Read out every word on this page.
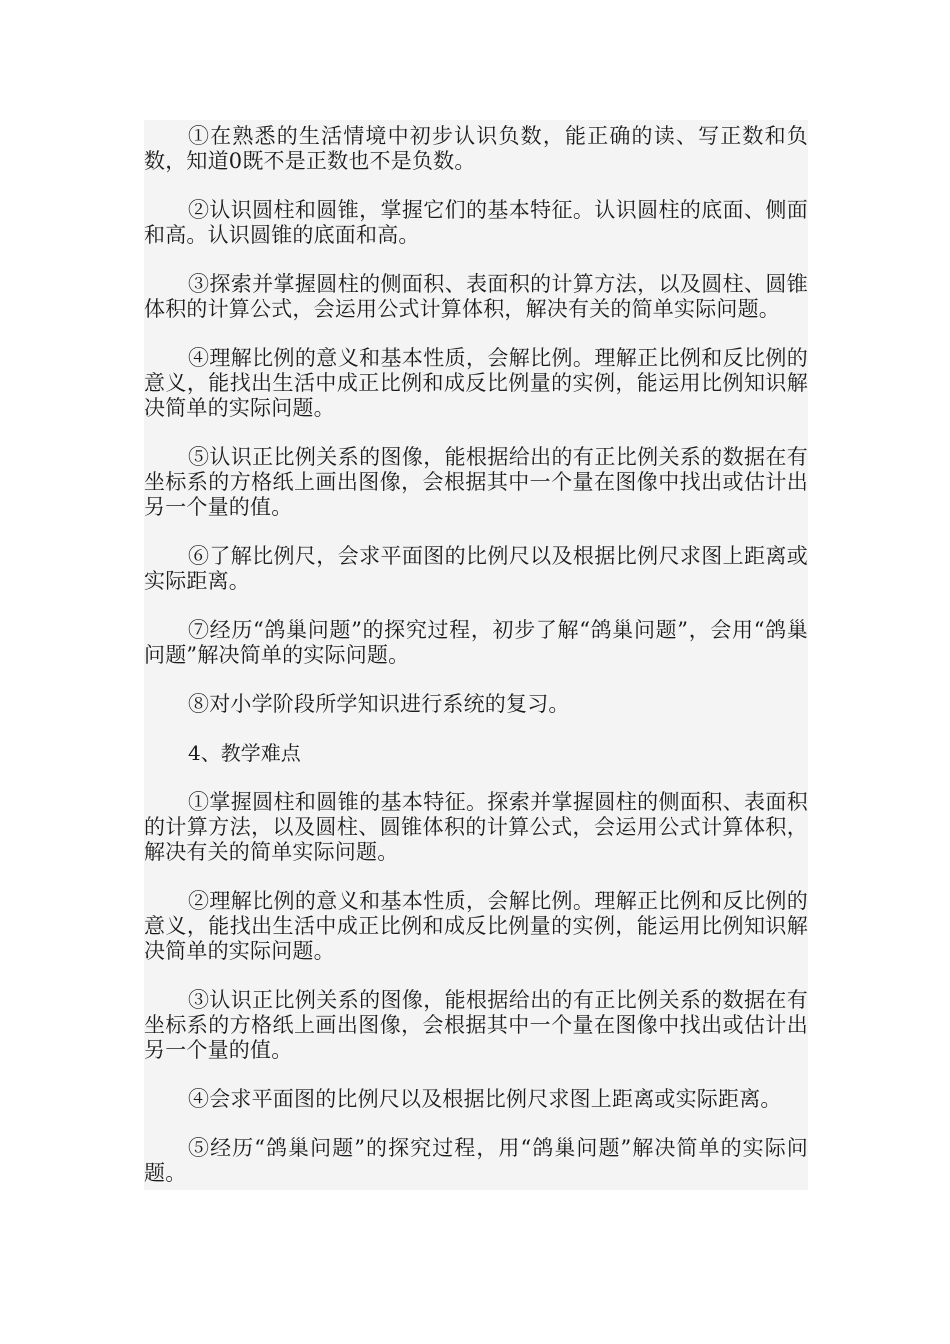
①在熟悉的生活情境中初步认识负数，能正确的读、写正数和负数，知道0既不是正数也不是负数。

②认识圆柱和圆锥，掌握它们的基本特征。认识圆柱的底面、侧面和高。认识圆锥的底面和高。

③探索并掌握圆柱的侧面积、表面积的计算方法，以及圆柱、圆锥体积的计算公式，会运用公式计算体积，解决有关的简单实际问题。

④理解比例的意义和基本性质，会解比例。理解正比例和反比例的意义，能找出生活中成正比例和成反比例量的实例，能运用比例知识解决简单的实际问题。

⑤认识正比例关系的图像，能根据给出的有正比例关系的数据在有坐标系的方格纸上画出图像，会根据其中一个量在图像中找出或估计出另一个量的值。

⑥了解比例尺，会求平面图的比例尺以及根据比例尺求图上距离或实际距离。

⑦经历“鸽巢问题”的探究过程，初步了解“鸽巢问题”，会用“鸽巢问题”解决简单的实际问题。

⑧对小学阶段所学知识进行系统的复习。

4、教学难点

①掌握圆柱和圆锥的基本特征。探索并掌握圆柱的侧面积、表面积的计算方法，以及圆柱、圆锥体积的计算公式，会运用公式计算体积，解决有关的简单实际问题。

②理解比例的意义和基本性质，会解比例。理解正比例和反比例的意义，能找出生活中成正比例和成反比例量的实例，能运用比例知识解决简单的实际问题。

③认识正比例关系的图像，能根据给出的有正比例关系的数据在有坐标系的方格纸上画出图像，会根据其中一个量在图像中找出或估计出另一个量的值。

④会求平面图的比例尺以及根据比例尺求图上距离或实际距离。

⑤经历“鸽巢问题”的探究过程，用“鸽巢问题”解决简单的实际问题。
